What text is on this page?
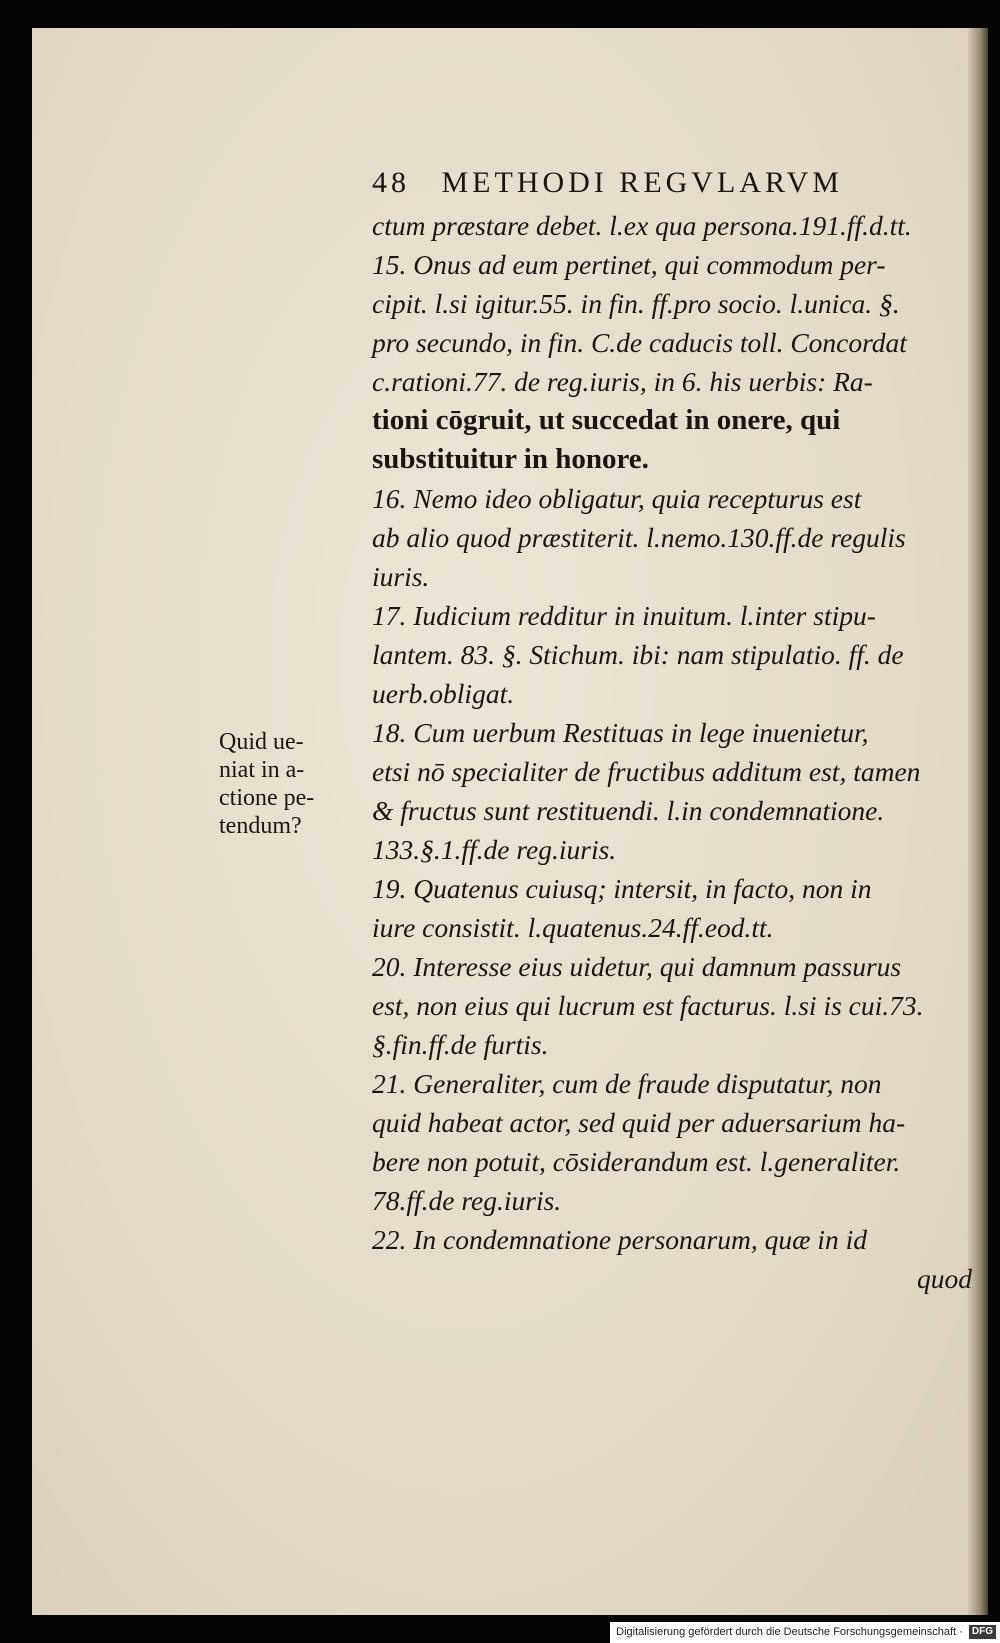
48 METHODI REGVLARVM
Quid ue-
niat in a-
ctione pe-
tendum?
ctum præstare debet. l.ex qua persona.191.ff.d.tt.
15. Onus ad eum pertinet, qui commodum per-
cipit. l.si igitur.55. in fin. ff.pro socio. l.unica. §.
pro secundo, in fin. C.de caducis toll. Concordat
c.rationi.77. de reg.iuris, in 6. his uerbis: Ra-
tioni cōgruit, ut succedat in onere, qui
substituitur in honore.
16. Nemo ideo obligatur, quia recepturus est
ab alio quod præstiterit. l.nemo.130.ff.de regulis
iuris.
17. Iudicium redditur in inuitum. l.inter stipu-
lantem. 83. §. Stichum. ibi: nam stipulatio. ff. de
uerb.obligat.
18. Cum uerbum Restituas in lege inuenietur,
etsi nō specialiter de fructibus additum est, tamen
& fructus sunt restituendi. l.in condemnatione.
133.§.1.ff.de reg.iuris.
19. Quatenus cuiusq; intersit, in facto, non in
iure consistit. l.quatenus.24.ff.eod.tt.
20. Interesse eius uidetur, qui damnum passurus
est, non eius qui lucrum est facturus. l.si is cui.73.
§.fin.ff.de furtis.
21. Generaliter, cum de fraude disputatur, non
quid habeat actor, sed quid per aduersarium ha-
bere non potuit, cōsiderandum est. l.generaliter.
78.ff.de reg.iuris.
22. In condemnatione personarum, quæ in id
quod
Digitalisierung gefördert durch die Deutsche Forschungsgemeinschaft · DFG
